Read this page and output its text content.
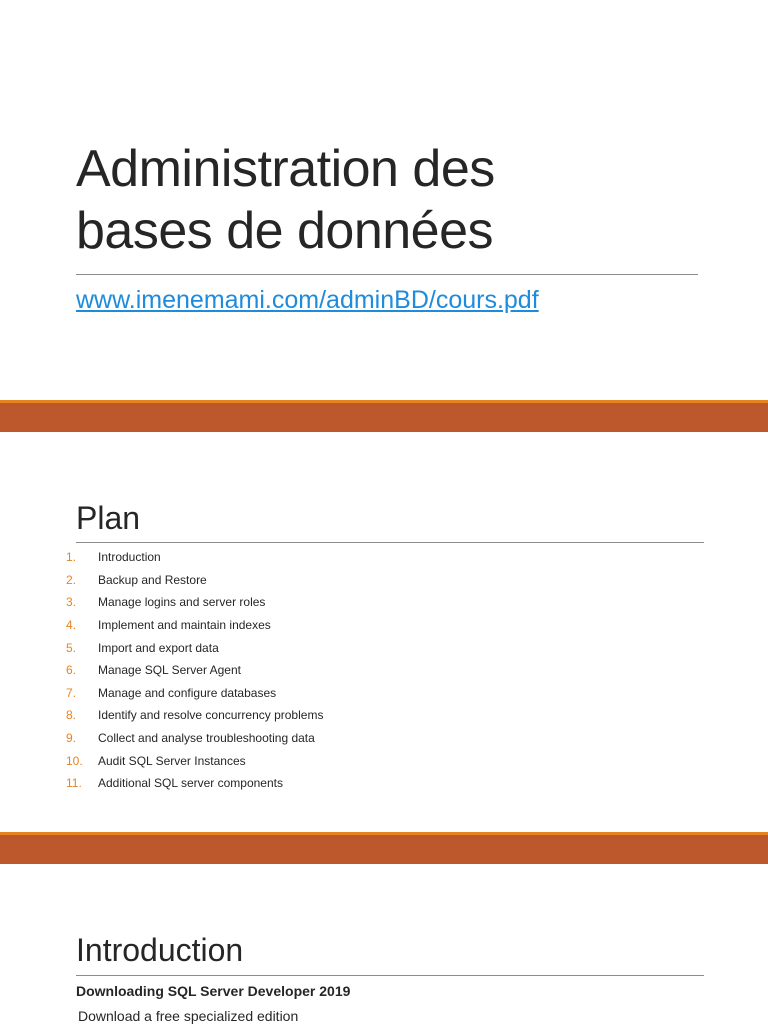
Administration des
bases de données
www.imenemami.com/adminBD/cours.pdf
Plan
1.	Introduction
2.	Backup and Restore
3.	Manage logins and server roles
4.	Implement and maintain indexes
5.	Import and export data
6.	Manage SQL Server Agent
7.	Manage and configure databases
8.	Identify and resolve concurrency problems
9.	Collect and analyse troubleshooting data
10.	Audit SQL Server Instances
11.	Additional SQL server components
Introduction
Downloading SQL Server Developer 2019
Download a free specialized edition
